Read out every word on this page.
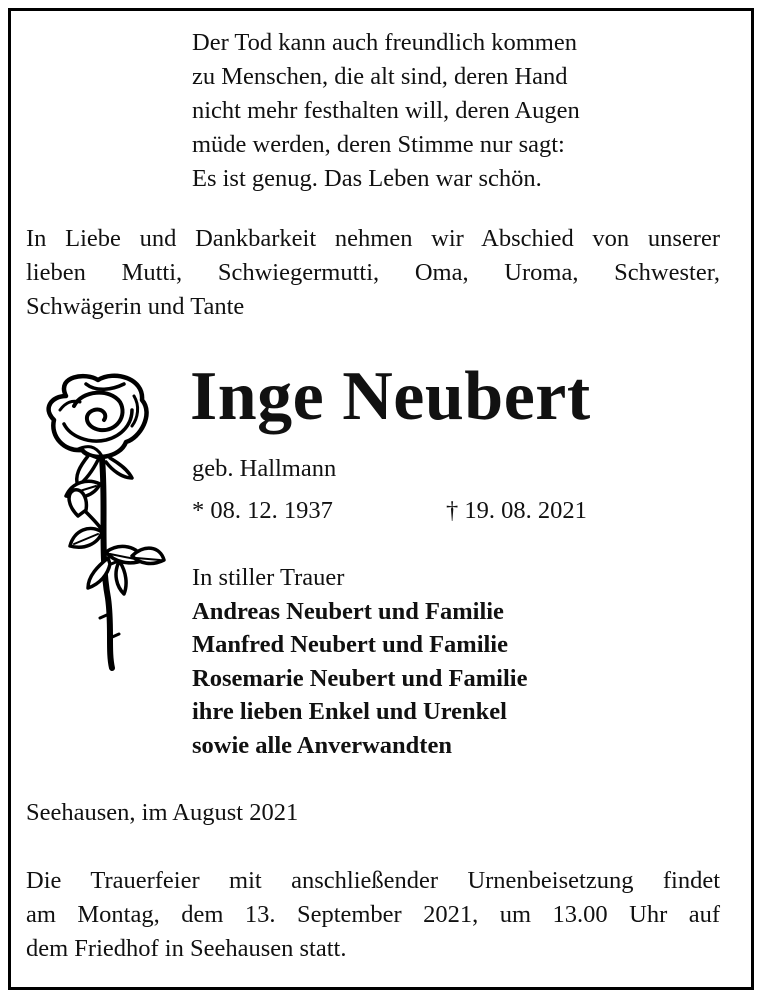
Der Tod kann auch freundlich kommen
zu Menschen, die alt sind, deren Hand
nicht mehr festhalten will, deren Augen
müde werden, deren Stimme nur sagt:
Es ist genug. Das Leben war schön.
In Liebe und Dankbarkeit nehmen wir Abschied von unserer
lieben Mutti, Schwiegermutti, Oma, Uroma, Schwester,
Schwägerin und Tante
Inge Neubert
geb. Hallmann
* 08. 12. 1937	† 19. 08. 2021
In stiller Trauer
Andreas Neubert und Familie
Manfred Neubert und Familie
Rosemarie Neubert und Familie
ihre lieben Enkel und Urenkel
sowie alle Anverwandten
Seehausen, im August 2021
Die Trauerfeier mit anschließender Urnenbeisetzung findet
am Montag, dem 13. September 2021, um 13.00 Uhr auf
dem Friedhof in Seehausen statt.
